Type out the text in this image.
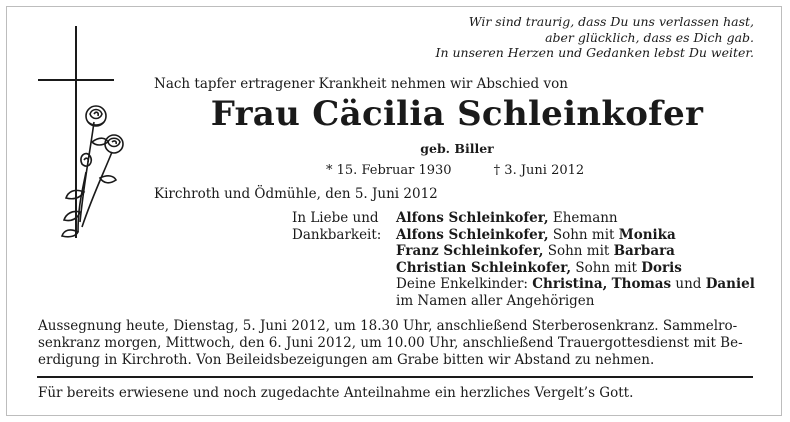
Wir sind traurig, dass Du uns verlassen hast,
aber glücklich, dass es Dich gab.
In unseren Herzen und Gedanken lebst Du weiter.
Nach tapfer ertragener Krankheit nehmen wir Abschied von
Frau Cäcilia Schleinkofer
geb. Biller
* 15. Februar 1930	† 3. Juni 2012
Kirchroth und Ödmühle, den 5. Juni 2012
In Liebe und
Dankbarkeit:
Alfons Schleinkofer, Ehemann
Alfons Schleinkofer, Sohn mit Monika
Franz Schleinkofer, Sohn mit Barbara
Christian Schleinkofer, Sohn mit Doris
Deine Enkelkinder: Christina, Thomas und Daniel
im Namen aller Angehörigen
Aussegnung heute, Dienstag, 5. Juni 2012, um 18.30 Uhr, anschließend Sterberosenkranz. Sammelro-
senkranz morgen, Mittwoch, den 6. Juni 2012, um 10.00 Uhr, anschließend Trauergottesdienst mit Be-
erdigung in Kirchroth. Von Beileidsbezeigungen am Grabe bitten wir Abstand zu nehmen.
Für bereits erwiesene und noch zugedachte Anteilnahme ein herzliches Vergelt’s Gott.
